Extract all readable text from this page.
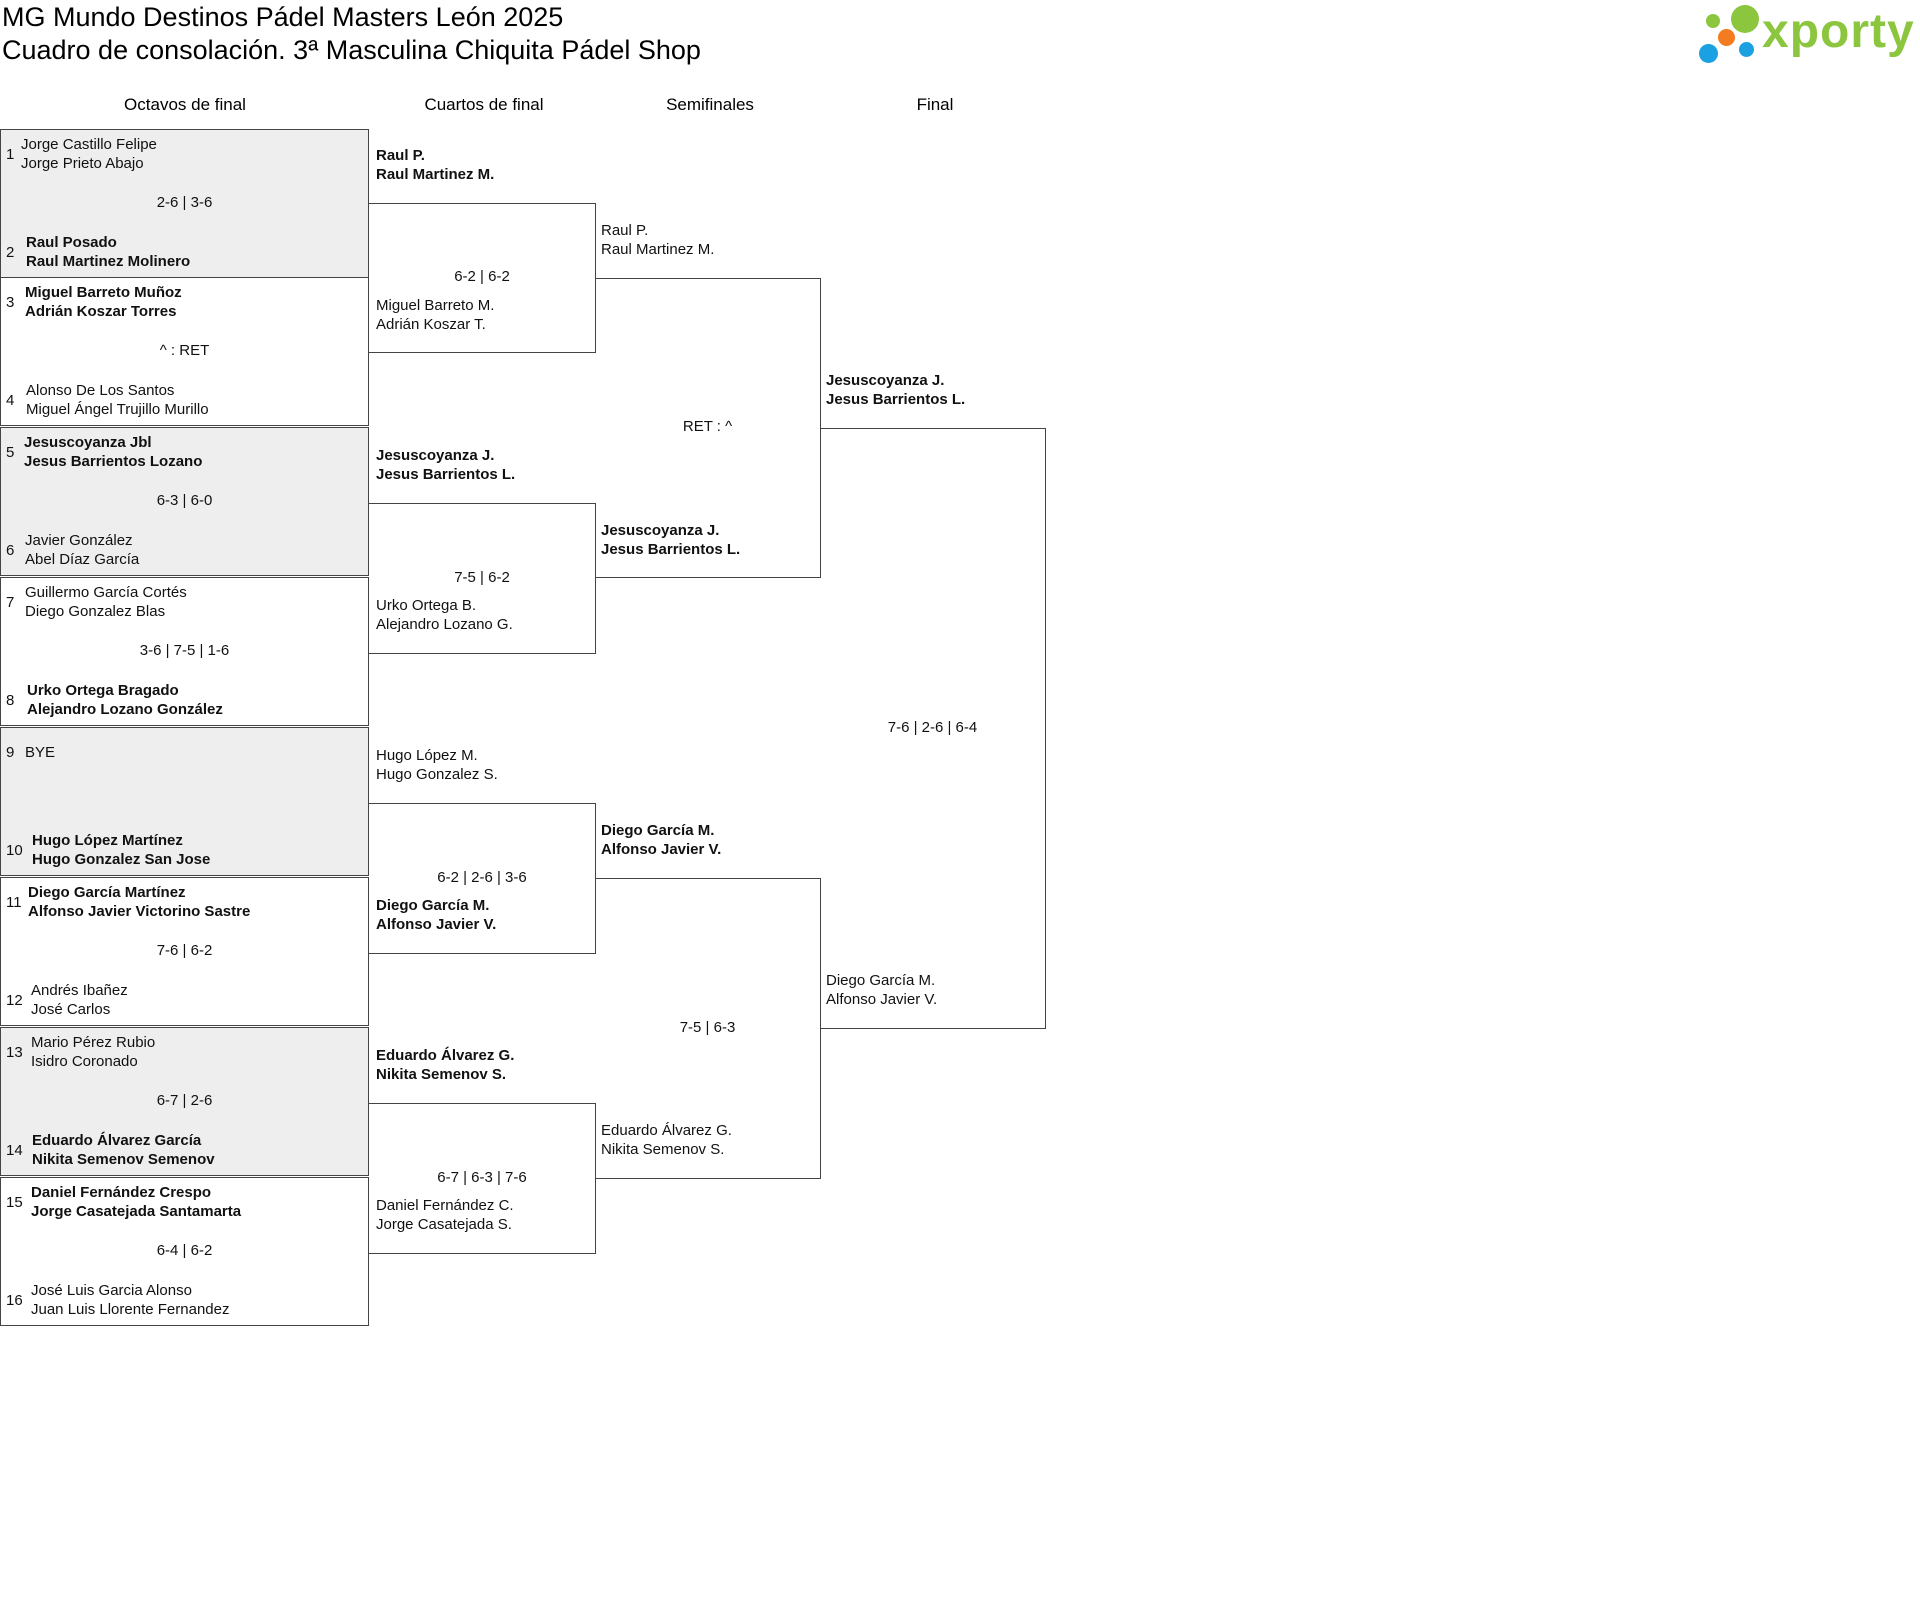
MG Mundo Destinos Pádel Masters León 2025
Cuadro de consolación. 3ª Masculina Chiquita Pádel Shop	xporty
Octavos de final	Cuartos de final	Semifinales	Final
1
Jorge Castillo Felipe
Jorge Prieto Abajo
2-6 | 3-6
2
Raul Posado
Raul Martinez Molinero
3
Miguel Barreto Muñoz
Adrián Koszar Torres
^ : RET
4
Alonso De Los Santos
Miguel Ángel Trujillo Murillo
5
Jesuscoyanza Jbl
Jesus Barrientos Lozano
6-3 | 6-0
6
Javier González
Abel Díaz García
7
Guillermo García Cortés
Diego Gonzalez Blas
3-6 | 7-5 | 1-6
8
Urko Ortega Bragado
Alejandro Lozano González
9 BYE
10
Hugo López Martínez
Hugo Gonzalez San Jose
11
Diego García Martínez
Alfonso Javier Victorino Sastre
7-6 | 6-2
12
Andrés Ibañez
José Carlos
13
Mario Pérez Rubio
Isidro Coronado
6-7 | 2-6
14
Eduardo Álvarez García
Nikita Semenov Semenov
15
Daniel Fernández Crespo
Jorge Casatejada Santamarta
6-4 | 6-2
16
José Luis Garcia Alonso
Juan Luis Llorente Fernandez
6-2 | 6-2
Raul P.
Raul Martinez M.
Miguel Barreto M.
Adrián Koszar T.
7-5 | 6-2
Jesuscoyanza J.
Jesus Barrientos L.
Urko Ortega B.
Alejandro Lozano G.
6-2 | 2-6 | 3-6
Hugo López M.
Hugo Gonzalez S.
Diego García M.
Alfonso Javier V.
6-7 | 6-3 | 7-6
Eduardo Álvarez G.
Nikita Semenov S.
Daniel Fernández C.
Jorge Casatejada S.
RET : ^
Raul P.
Raul Martinez M.
Jesuscoyanza J.
Jesus Barrientos L.
7-5 | 6-3
Diego García M.
Alfonso Javier V.
Eduardo Álvarez G.
Nikita Semenov S.
7-6 | 2-6 | 6-4
Jesuscoyanza J.
Jesus Barrientos L.
Diego García M.
Alfonso Javier V.
